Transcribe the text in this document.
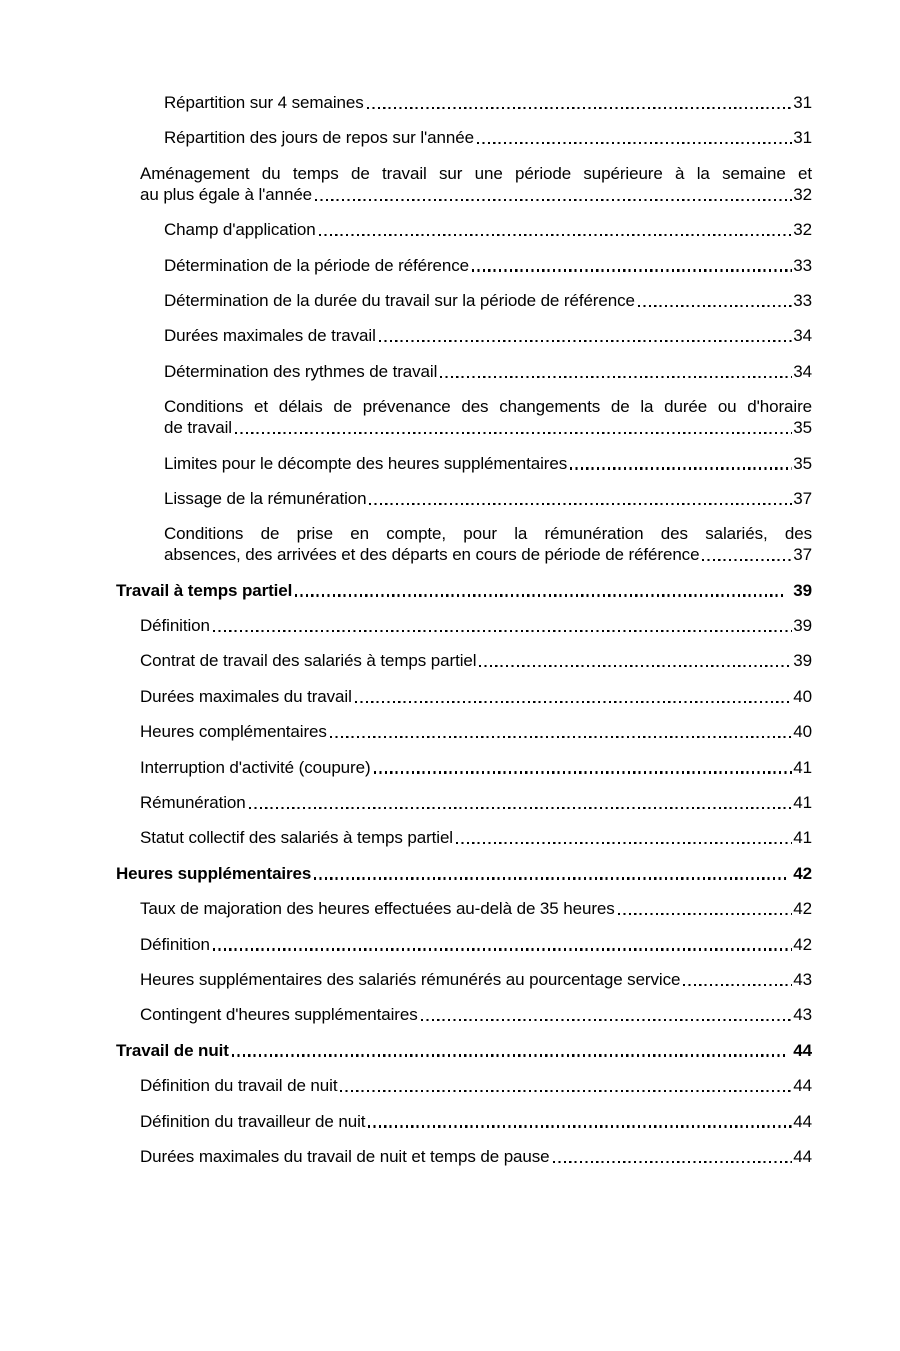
Répartition sur 4 semaines	31
Répartition des jours de repos sur l'année	31
Aménagement du temps de travail sur une période supérieure à la semaine et
au plus égale à l'année	32
Champ d'application	32
Détermination de la période de référence	33
Détermination de la durée du travail sur la période de référence	33
Durées maximales de travail	34
Détermination des rythmes de travail	34
Conditions et délais de prévenance des changements de la durée ou d'horaire
de travail	35
Limites pour le décompte des heures supplémentaires	35
Lissage de la rémunération	37
Conditions de prise en compte, pour la rémunération des salariés, des
absences, des arrivées et des départs en cours de période de référence	37
Travail à temps partiel	39
Définition	39
Contrat de travail des salariés à temps partiel	39
Durées maximales du travail	40
Heures complémentaires	40
Interruption d'activité (coupure)	41
Rémunération	41
Statut collectif des salariés à temps partiel	41
Heures supplémentaires	42
Taux de majoration des heures effectuées au-delà de 35 heures	42
Définition	42
Heures supplémentaires des salariés rémunérés au pourcentage service	43
Contingent d'heures supplémentaires	43
Travail de nuit	44
Définition du travail de nuit	44
Définition du travailleur de nuit	44
Durées maximales du travail de nuit et temps de pause	44
